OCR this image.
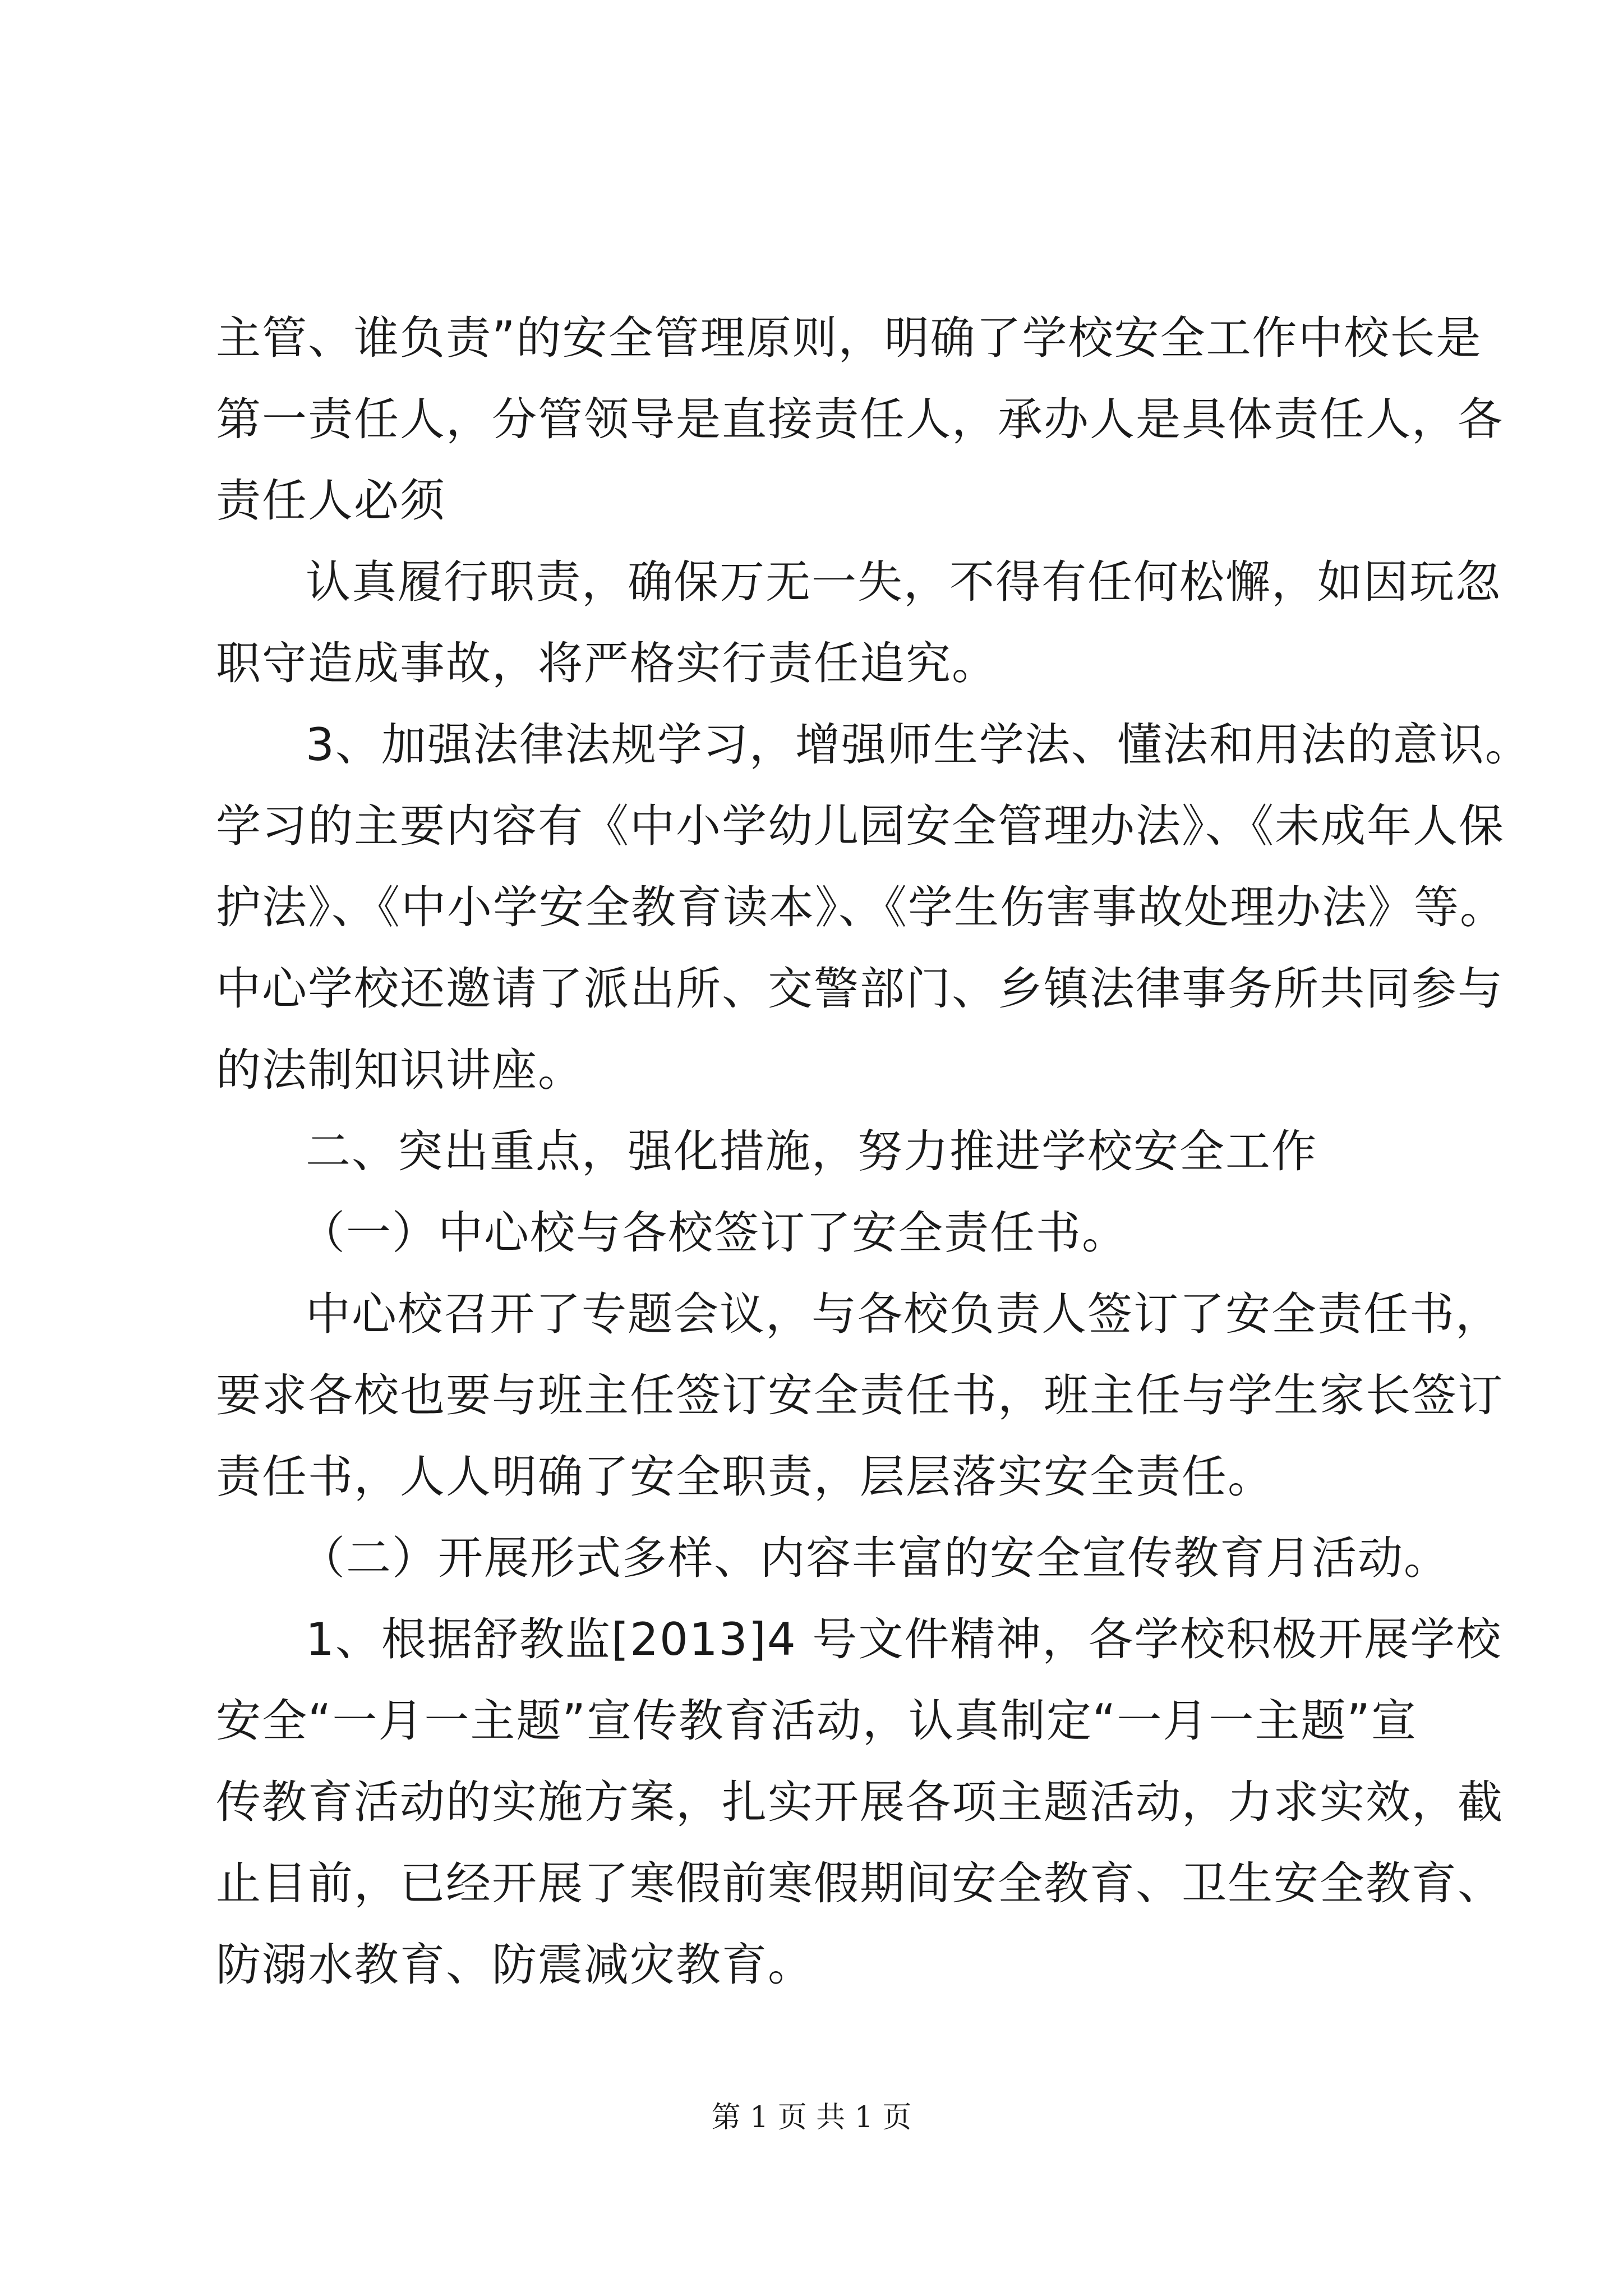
主管、谁负责”的安全管理原则，明确了学校安全工作中校长是
第一责任人，分管领导是直接责任人，承办人是具体责任人，各
责任人必须
认真履行职责，确保万无一失，不得有任何松懈，如因玩忽
职守造成事故，将严格实行责任追究。
3、加强法律法规学习，增强师生学法、懂法和用法的意识。
学习的主要内容有《中小学幼儿园安全管理办法》、《未成年人保
护法》、《中小学安全教育读本》、《学生伤害事故处理办法》等。
中心学校还邀请了派出所、交警部门、乡镇法律事务所共同参与
的法制知识讲座。
二、突出重点，强化措施，努力推进学校安全工作
（一）中心校与各校签订了安全责任书。
中心校召开了专题会议，与各校负责人签订了安全责任书，
要求各校也要与班主任签订安全责任书，班主任与学生家长签订
责任书，人人明确了安全职责，层层落实安全责任。
（二）开展形式多样、内容丰富的安全宣传教育月活动。
1、根据舒教监[2013]4 号文件精神，各学校积极开展学校
安全“一月一主题”宣传教育活动，认真制定“一月一主题”宣
传教育活动的实施方案，扎实开展各项主题活动，力求实效，截
止目前，已经开展了寒假前寒假期间安全教育、卫生安全教育、
防溺水教育、防震减灾教育。
第 1 页 共 1 页
